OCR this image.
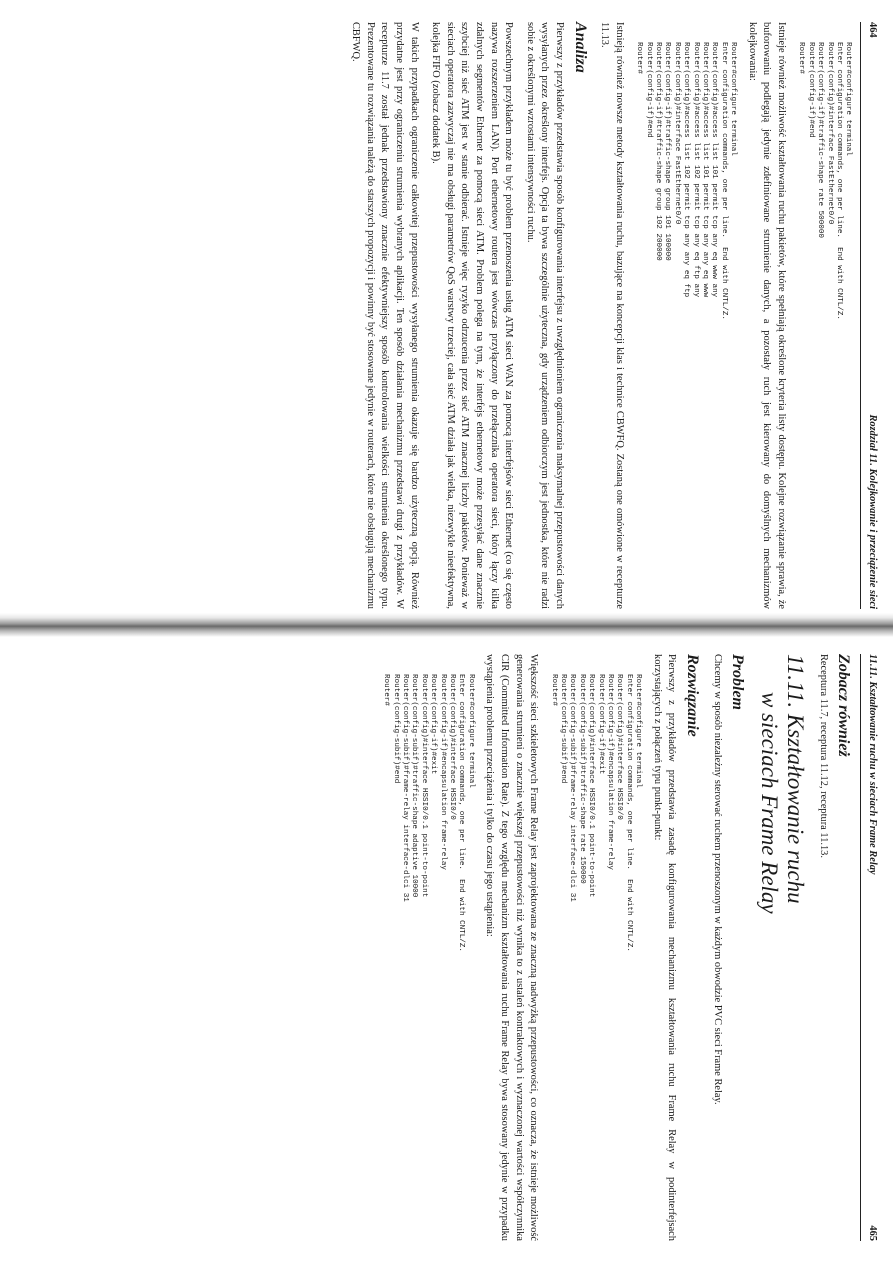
464
Rozdział 11. Kolejkowanie i przeciążenie sieci
Router#configure terminal
Enter configuration commands, one per line.  End with CNTL/Z.
Router(config)#interface FastEthernet0/0
Router(config-if)#traffic-shape rate 500000
Router(config-if)#end
Router#

Istnieje również możliwość kształtowania ruchu pakietów, które spełniają określone kryteria listy dostępu. Kolejne rozwiązanie sprawia, że buforowaniu podlegają jedynie zdefiniowane strumienie danych, a pozostały ruch jest kierowany do domyślnych mechanizmów kolejkowania:

Router#configure terminal
Enter configuration commands, one per line.  End with CNTL/Z.
Router(config)#access list 101 permit tcp any eq www any
Router(config)#access list 101 permit tcp any any eq www
Router(config)#access list 102 permit tcp any eq ftp any
Router(config)#access list 102 permit tcp any any eq ftp
Router(config)#interface FastEthernet0/0
Router(config-if)#traffic-shape group 101 100000
Router(config-if)#traffic-shape group 102 200000
Router(config-if)#end
Router#

Istnieją również nowsze metody kształtowania ruchu, bazujące na koncepcji klas i technice CBWFQ. Zostaną one omówione w recepturze 11.13.

Analiza

Pierwszy z przykładów przedstawia sposób konfigurowania interfejsu z uwzględnieniem ograniczenia maksymalnej przepustowości danych wysyłanych przez określony interfejs. Opcja ta bywa szczególnie użyteczna, gdy urządzeniem odbiorczym jest jednostka, które nie radzi sobie z określonymi wzrostami intensywności ruchu.

Powszechnym przykładem może tu być problem przenoszenia usług ATM sieci WAN za pomocą interfejsów sieci Ethernet (co się często nazywa rozszerzeniem LAN). Port ethernetowy routera jest wówczas przyłączony do przełącznika operatora sieci, który łączy kilka zdalnych segmentów Ethernet za pomocą sieci ATM. Problem polega na tym, że interfejs ethernetowy może przesyłać dane znacznie szybciej niż sieć ATM jest w stanie odbierać. Istnieje więc ryzyko odrzucenia przez sieć ATM znacznej liczby pakietów. Ponieważ w sieciach operatora zazwyczaj nie ma obsługi parametrów QoS warstwy trzeciej, cała sieć ATM działa jak wielka, niezwykle nieefektywna, kolejka FIFO (zobacz dodatek B).

W takich przypadkach ograniczenie całkowitej przepustowości wysyłanego strumienia okazuje się bardzo użyteczną opcją. Również przydatne jest przy ograniczeniu strumienia wybranych aplikacji. Ten sposób działania mechanizmu przedstawi drugi z przykładów. W recepturze 11.7 został jednak przedstawiony znacznie efektywniejszy sposób kontrolowania wielkości strumienia określonego typu. Prezentowane tu rozwiązania należą do starszych propozycji i powinny być stosowane jedynie w routerach, które nie obsługują mechanizmu CBFWQ.

11.11. Kształtowanie ruchu w sieciach Frame Relay
465
Zobacz również

Receptura 11.7, receptura 11.12, receptura 11.13.

11.11. Kształtowanie ruchu
w sieciach Frame Relay
Problem

Chcemy w sposób niezależny sterować ruchem przenoszonym w każdym obwodzie PVC sieci Frame Relay.

Rozwiązanie

Pierwszy z przykładów przedstawia zasadę konfigurowania mechanizmu kształtowania ruchu Frame Relay w podinterfejsach korzystających z połączeń typu punkt-punkt:

Router#configure terminal
Enter configuration commands, one per line.  End with CNTL/Z.
Router(config)#interface HSSI0/0
Router(config-if)#encapsulation frame-relay
Router(config-if)#exit
Router(config)#interface HSSI0/0.1 point-to-point
Router(config-subif)#traffic-shape rate 150000
Router(config-subif)#frame-relay interface-dlci 31
Router(config-subif)#end
Router#

Większość sieci szkieletowych Frame Relay jest zaprojektowana ze znaczną nadwyżką przepustowości, co oznacza, że istnieje możliwość generowania strumieni o znacznie większej przepustowości niż wynika to z ustaleń kontraktowych i wyznaczonej wartości współczynnika CIR (Committed Information Rate). Z tego względu mechanizm kształtowania ruchu Frame Relay bywa stosowany jedynie w przypadku wystąpienia problemu przeciążenia i tylko do czasu jego ustąpienia:

Router#configure terminal
Enter configuration commands, one per line.  End with CNTL/Z.
Router(config)#interface HSSI0/0
Router(config-if)#encapsulation frame-relay
Router(config-if)#exit
Router(config)#interface HSSI0/0.1 point-to-point
Router(config-subif)#traffic-shape adaptive 10000
Router(config-subif)#frame-relay interface-dlci 31
Router(config-subif)#end
Router#
